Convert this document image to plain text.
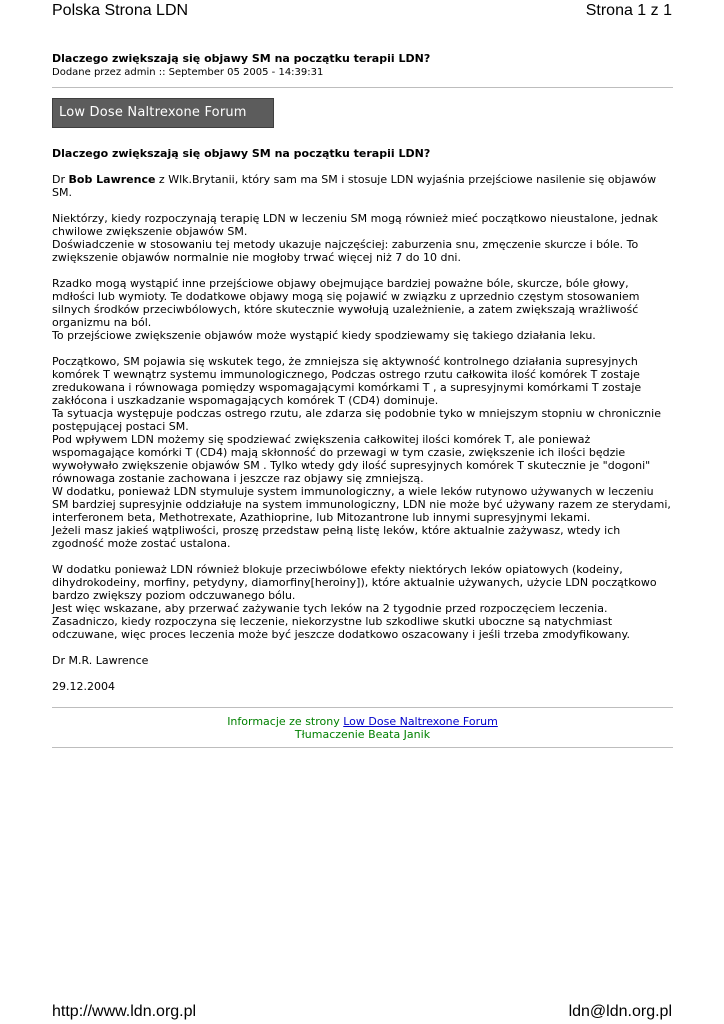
Polska Strona LDN	Strona 1 z 1
Dlaczego zwiększają się objawy SM na początku terapii LDN?
Dodane przez admin :: September 05 2005 - 14:39:31
Low Dose Naltrexone Forum
Dlaczego zwiększają się objawy SM na początku terapii LDN?

Dr Bob Lawrence z Wlk.Brytanii, który sam ma SM i stosuje LDN wyjaśnia przejściowe nasilenie się objawów SM.

Niektórzy, kiedy rozpoczynają terapię LDN w leczeniu SM mogą również mieć początkowo nieustalone, jednak chwilowe zwiększenie objawów SM.

Doświadczenie w stosowaniu tej metody ukazuje najczęściej: zaburzenia snu, zmęczenie skurcze i bóle. To zwiększenie objawów normalnie nie mogłoby trwać więcej niż 7 do 10 dni.

Rzadko mogą wystąpić inne przejściowe objawy obejmujące bardziej poważne bóle, skurcze, bóle głowy, mdłości lub wymioty. Te dodatkowe objawy mogą się pojawić w związku z uprzednio częstym stosowaniem silnych środków przeciwbólowych, które skutecznie wywołują uzależnienie, a zatem zwiększają wrażliwość organizmu na ból.

To przejściowe zwiększenie objawów może wystąpić kiedy spodziewamy się takiego działania leku.

Początkowo, SM pojawia się wskutek tego, że zmniejsza się aktywność kontrolnego działania supresyjnych komórek T wewnątrz systemu immunologicznego, Podczas ostrego rzutu całkowita ilość komórek T zostaje zredukowana i równowaga pomiędzy wspomagającymi komórkami T , a supresyjnymi komórkami T zostaje zakłócona i uszkadzanie wspomagających komórek T (CD4) dominuje.

Ta sytuacja występuje podczas ostrego rzutu, ale zdarza się podobnie tyko w mniejszym stopniu w chronicznie postępującej postaci SM.

Pod wpływem LDN możemy się spodziewać zwiększenia całkowitej ilości komórek T, ale ponieważ wspomagające komórki T (CD4) mają skłonność do przewagi w tym czasie, zwiększenie ich ilości będzie wywoływało zwiększenie objawów SM . Tylko wtedy gdy ilość supresyjnych komórek T skutecznie je "dogoni" równowaga zostanie zachowana i jeszcze raz objawy się zmniejszą.

W dodatku, ponieważ LDN stymuluje system immunologiczny, a wiele leków rutynowo używanych w leczeniu SM bardziej supresyjnie oddziałuje na system immunologiczny, LDN nie może być używany razem ze sterydami, interferonem beta, Methotrexate, Azathioprine, lub Mitozantrone lub innymi supresyjnymi lekami.

Jeżeli masz jakieś wątpliwości, proszę przedstaw pełną listę leków, które aktualnie zażywasz, wtedy ich zgodność może zostać ustalona.

W dodatku ponieważ LDN również blokuje przeciwbólowe efekty niektórych leków opiatowych (kodeiny, dihydrokodeiny, morfiny, petydyny, diamorfiny[heroiny]), które aktualnie używanych, użycie LDN początkowo bardzo zwiększy poziom odczuwanego bólu.

Jest więc wskazane, aby przerwać zażywanie tych leków na 2 tygodnie przed rozpoczęciem leczenia.

Zasadniczo, kiedy rozpoczyna się leczenie, niekorzystne lub szkodliwe skutki uboczne są natychmiast odczuwane, więc proces leczenia może być jeszcze dodatkowo oszacowany i jeśli trzeba zmodyfikowany.

Dr M.R. Lawrence
29.12.2004
Informacje ze strony Low Dose Naltrexone Forum
Tłumaczenie Beata Janik
http://www.ldn.org.pl	ldn@ldn.org.pl
